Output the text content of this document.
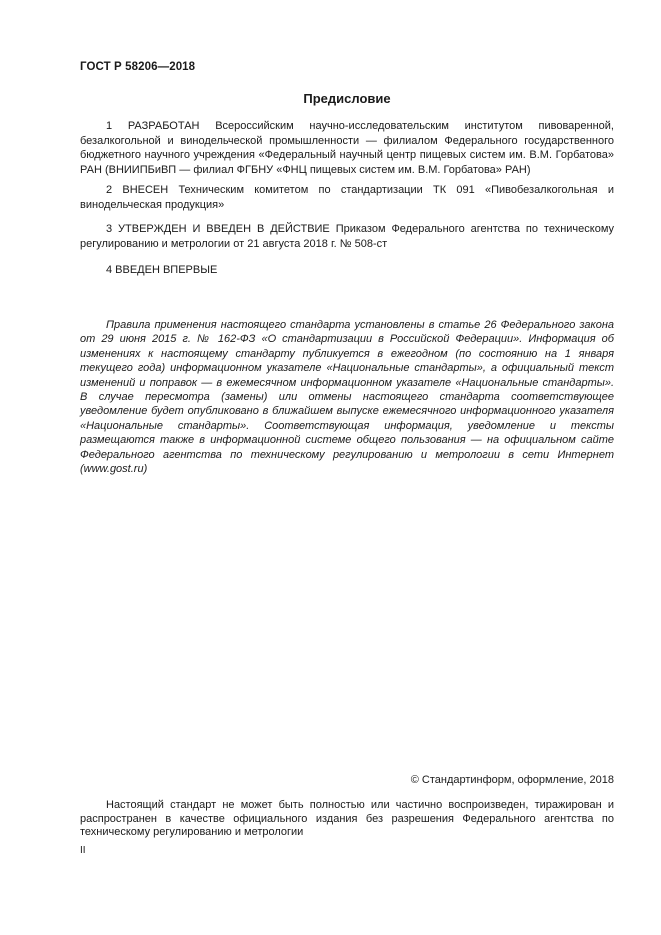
ГОСТ Р 58206—2018
Предисловие

1 РАЗРАБОТАН Всероссийским научно-исследовательским институтом пивоваренной, безалкогольной и винодельческой промышленности — филиалом Федерального государственного бюджетного научного учреждения «Федеральный научный центр пищевых систем им. В.М. Горбатова» РАН (ВНИИПБиВП — филиал ФГБНУ «ФНЦ пищевых систем им. В.М. Горбатова» РАН)

2 ВНЕСЕН Техническим комитетом по стандартизации ТК 091 «Пивобезалкогольная и винодельческая продукция»

3 УТВЕРЖДЕН И ВВЕДЕН В ДЕЙСТВИЕ Приказом Федерального агентства по техническому регулированию и метрологии от 21 августа 2018 г. № 508-ст

4 ВВЕДЕН ВПЕРВЫЕ

Правила применения настоящего стандарта установлены в статье 26 Федерального закона от 29 июня 2015 г. № 162-ФЗ «О стандартизации в Российской Федерации». Информация об изменениях к настоящему стандарту публикуется в ежегодном (по состоянию на 1 января текущего года) информационном указателе «Национальные стандарты», а официальный текст изменений и поправок — в ежемесячном информационном указателе «Национальные стандарты». В случае пересмотра (замены) или отмены настоящего стандарта соответствующее уведомление будет опубликовано в ближайшем выпуске ежемесячного информационного указателя «Национальные стандарты». Соответствующая информация, уведомление и тексты размещаются также в информационной системе общего пользования — на официальном сайте Федерального агентства по техническому регулированию и метрологии в сети Интернет (www.gost.ru)

© Стандартинформ, оформление, 2018

Настоящий стандарт не может быть полностью или частично воспроизведен, тиражирован и распространен в качестве официального издания без разрешения Федерального агентства по техническому регулированию и метрологии

II
